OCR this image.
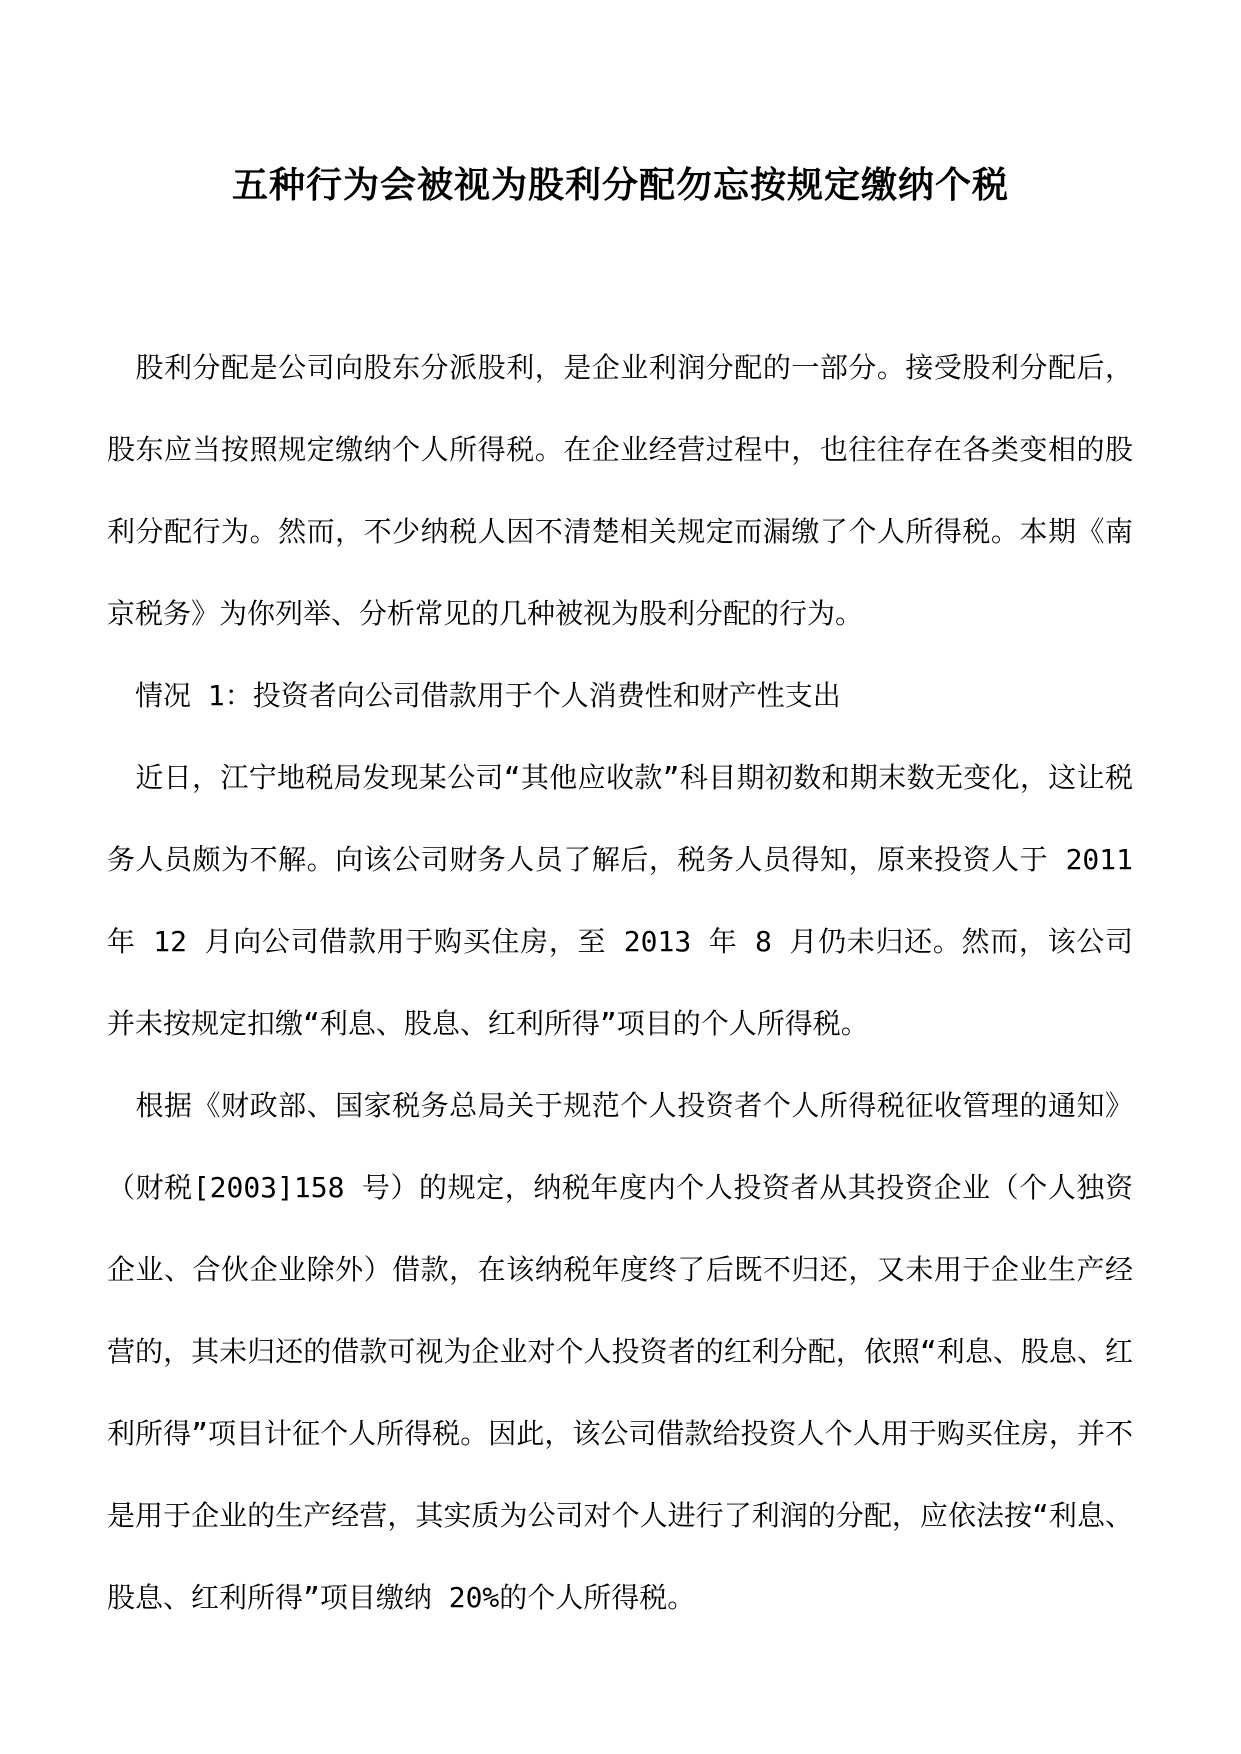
五种行为会被视为股利分配勿忘按规定缴纳个税

股利分配是公司向股东分派股利，是企业利润分配的一部分。接受股利分配后，股东应当按照规定缴纳个人所得税。在企业经营过程中，也往往存在各类变相的股利分配行为。然而，不少纳税人因不清楚相关规定而漏缴了个人所得税。本期《南京税务》为你列举、分析常见的几种被视为股利分配的行为。

情况 1：投资者向公司借款用于个人消费性和财产性支出

近日，江宁地税局发现某公司“其他应收款”科目期初数和期末数无变化，这让税务人员颇为不解。向该公司财务人员了解后，税务人员得知，原来投资人于 2011 年 12 月向公司借款用于购买住房，至 2013 年 8 月仍未归还。然而，该公司并未按规定扣缴“利息、股息、红利所得”项目的个人所得税。

根据《财政部、国家税务总局关于规范个人投资者个人所得税征收管理的通知》（财税[2003]158 号）的规定，纳税年度内个人投资者从其投资企业（个人独资企业、合伙企业除外）借款，在该纳税年度终了后既不归还，又未用于企业生产经营的，其未归还的借款可视为企业对个人投资者的红利分配，依照“利息、股息、红利所得”项目计征个人所得税。因此，该公司借款给投资人个人用于购买住房，并不是用于企业的生产经营，其实质为公司对个人进行了利润的分配，应依法按“利息、股息、红利所得”项目缴纳 20%的个人所得税。
